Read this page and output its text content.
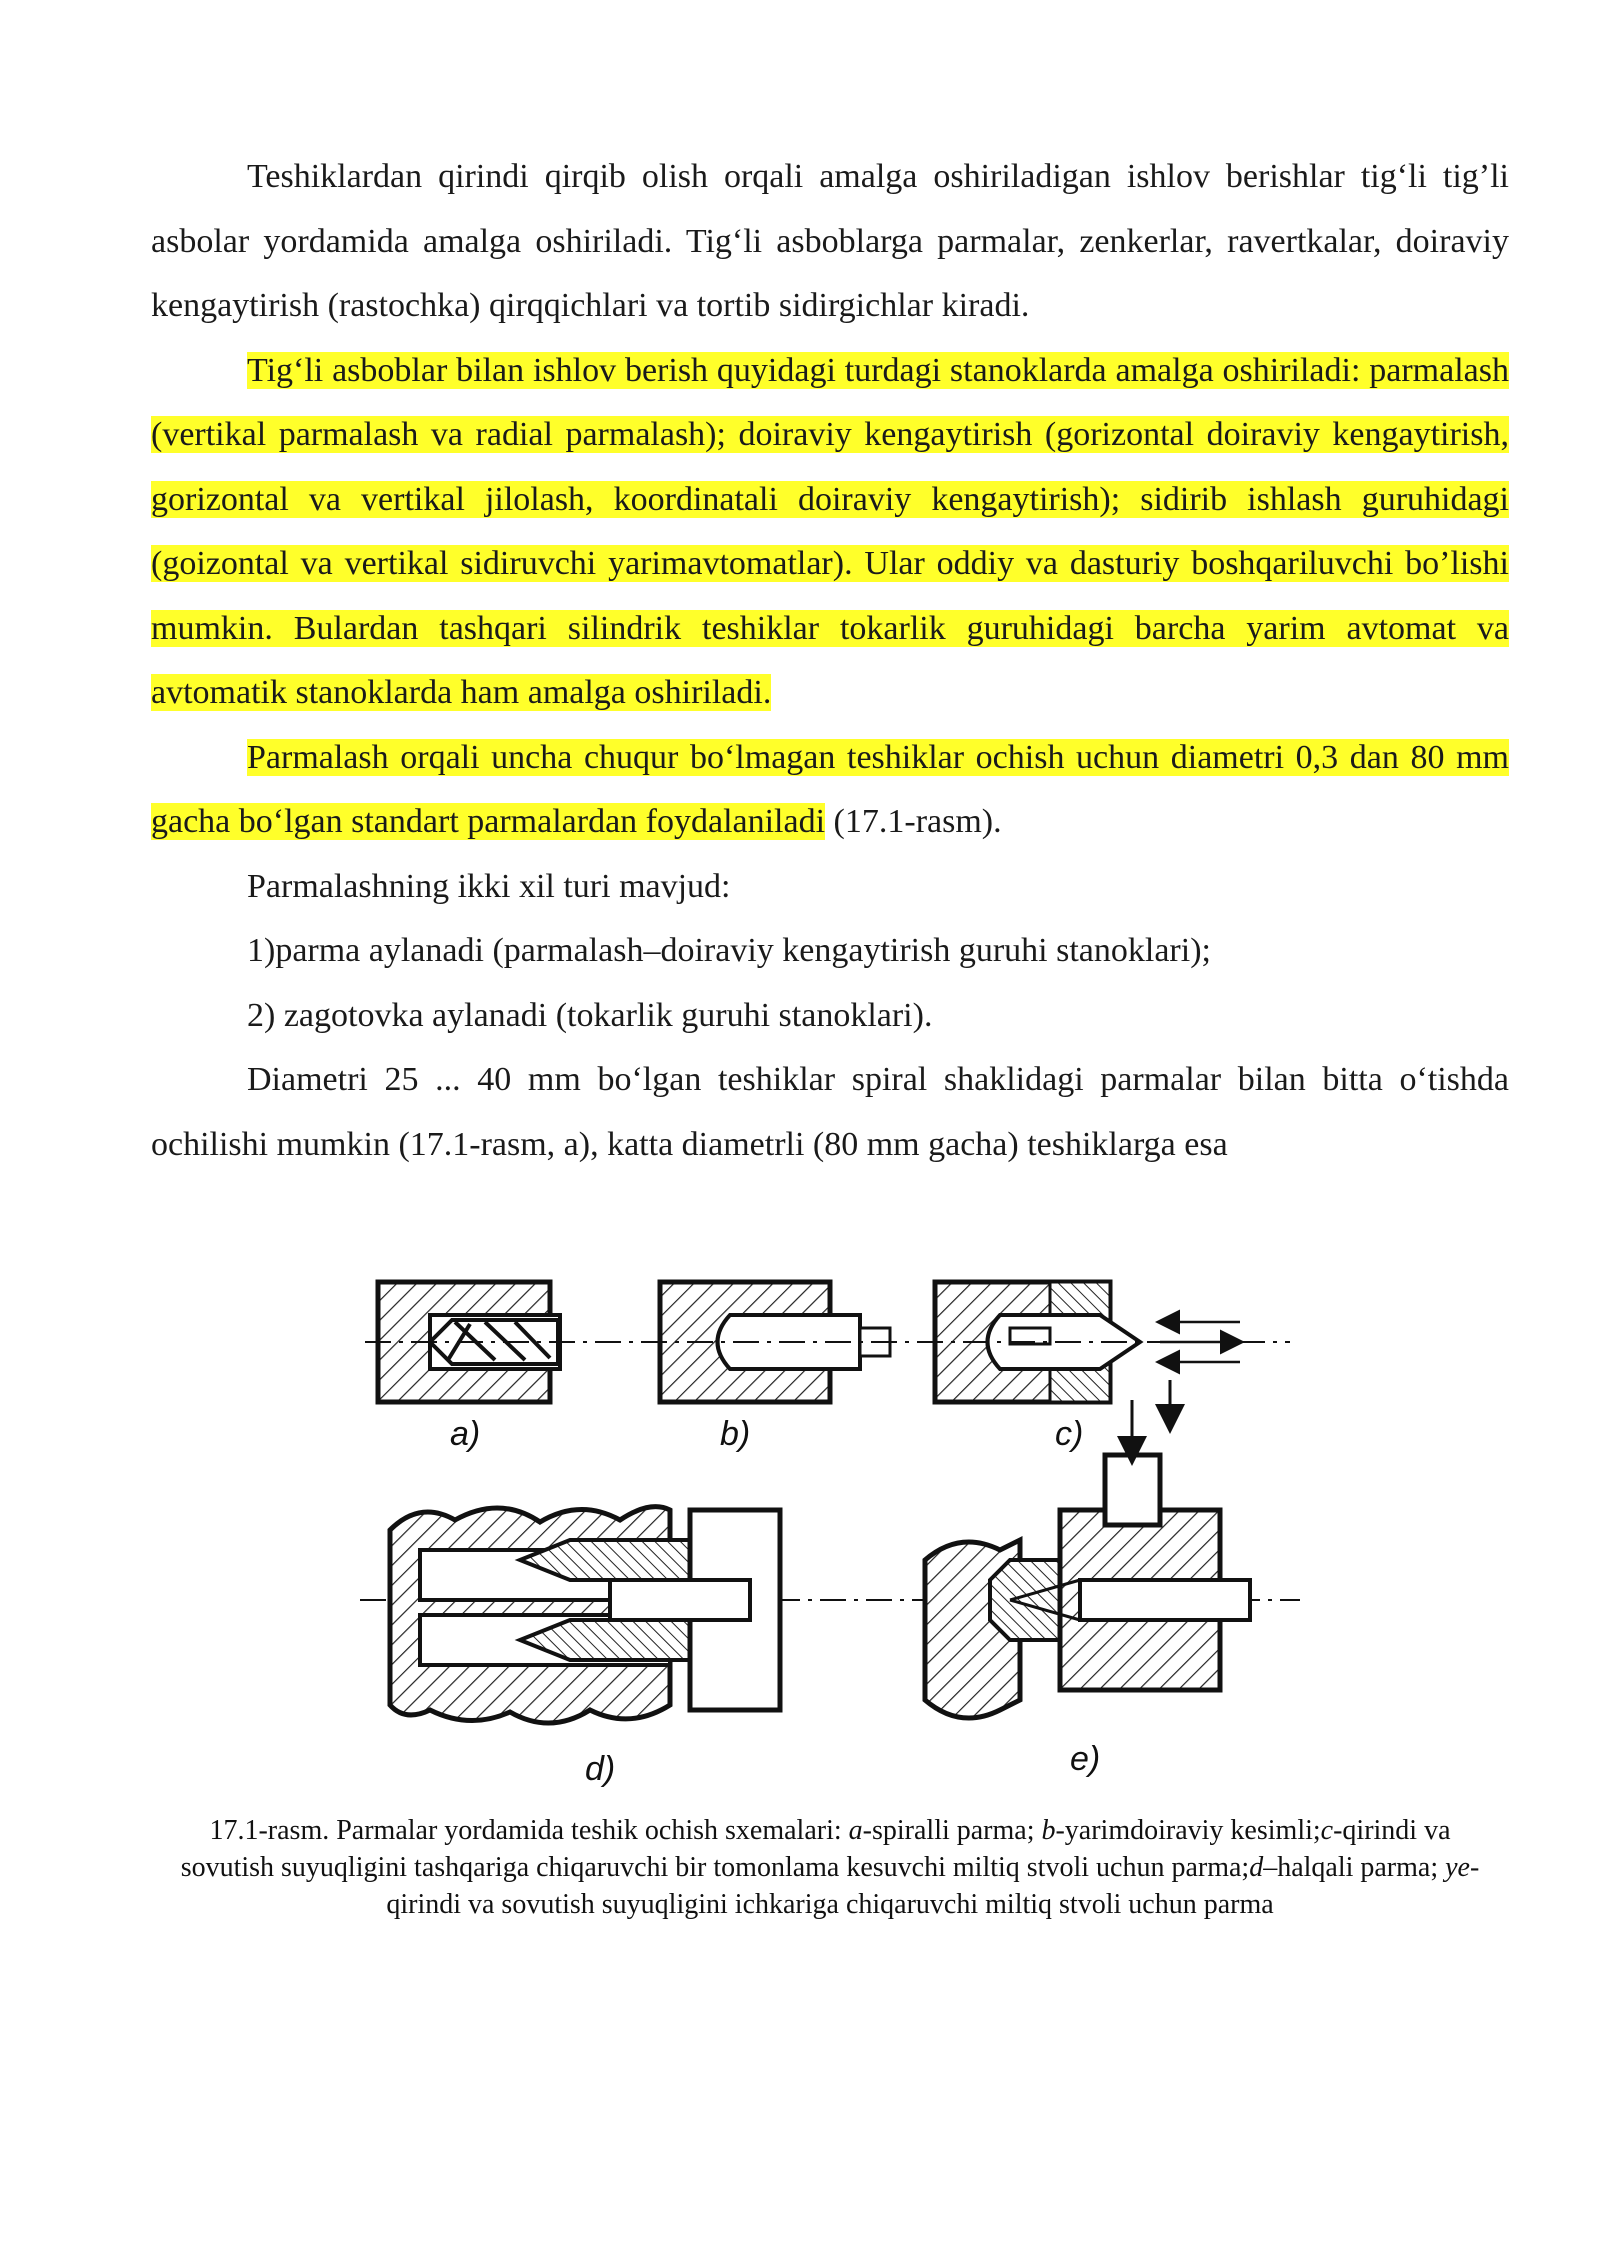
Teshiklardan qirindi qirqib olish orqali amalga oshiriladigan ishlov berishlar tig‘li tig’li asbolar yordamida amalga oshiriladi. Tig‘li asboblarga parmalar, zenkerlar, ravertkalar, doiraviy kengaytirish (rastochka) qirqqichlari va tortib sidirgichlar kiradi.

Tig‘li asboblar bilan ishlov berish quyidagi turdagi stanoklarda amalga oshiriladi: parmalash (vertikal parmalash va radial parmalash); doiraviy kengaytirish (gorizontal doiraviy kengaytirish, gorizontal va vertikal jilolash, koordinatali doiraviy kengaytirish); sidirib ishlash guruhidagi (goizontal va vertikal sidiruvchi yarimavtomatlar). Ular oddiy va dasturiy boshqariluvchi bo’lishi mumkin. Bulardan tashqari silindrik teshiklar tokarlik guruhidagi barcha yarim avtomat va avtomatik stanoklarda ham amalga oshiriladi.

Parmalash orqali uncha chuqur bo‘lmagan teshiklar ochish uchun diametri 0,3 dan 80 mm gacha bo‘lgan standart parmalardan foydalaniladi (17.1-rasm).

Parmalashning ikki xil turi mavjud:

1)parma aylanadi (parmalash–doiraviy kengaytirish guruhi stanoklari);

2) zagotovka aylanadi (tokarlik guruhi stanoklari).

Diametri 25 ... 40 mm bo‘lgan teshiklar spiral shaklidagi parmalar bilan bitta o‘tishda ochilishi mumkin (17.1-rasm, a), katta diametrli (80 mm gacha) teshiklarga esa

a)	b)	c)
d)	e)
17.1-rasm. Parmalar yordamida teshik ochish sxemalari: a-spiralli parma; b-yarimdoiraviy kesimli;c-qirindi va sovutish suyuqligini tashqariga chiqaruvchi bir tomonlama kesuvchi miltiq stvoli uchun parma;d–halqali parma; ye-qirindi va sovutish suyuqligini ichkariga chiqaruvchi miltiq stvoli uchun parma
